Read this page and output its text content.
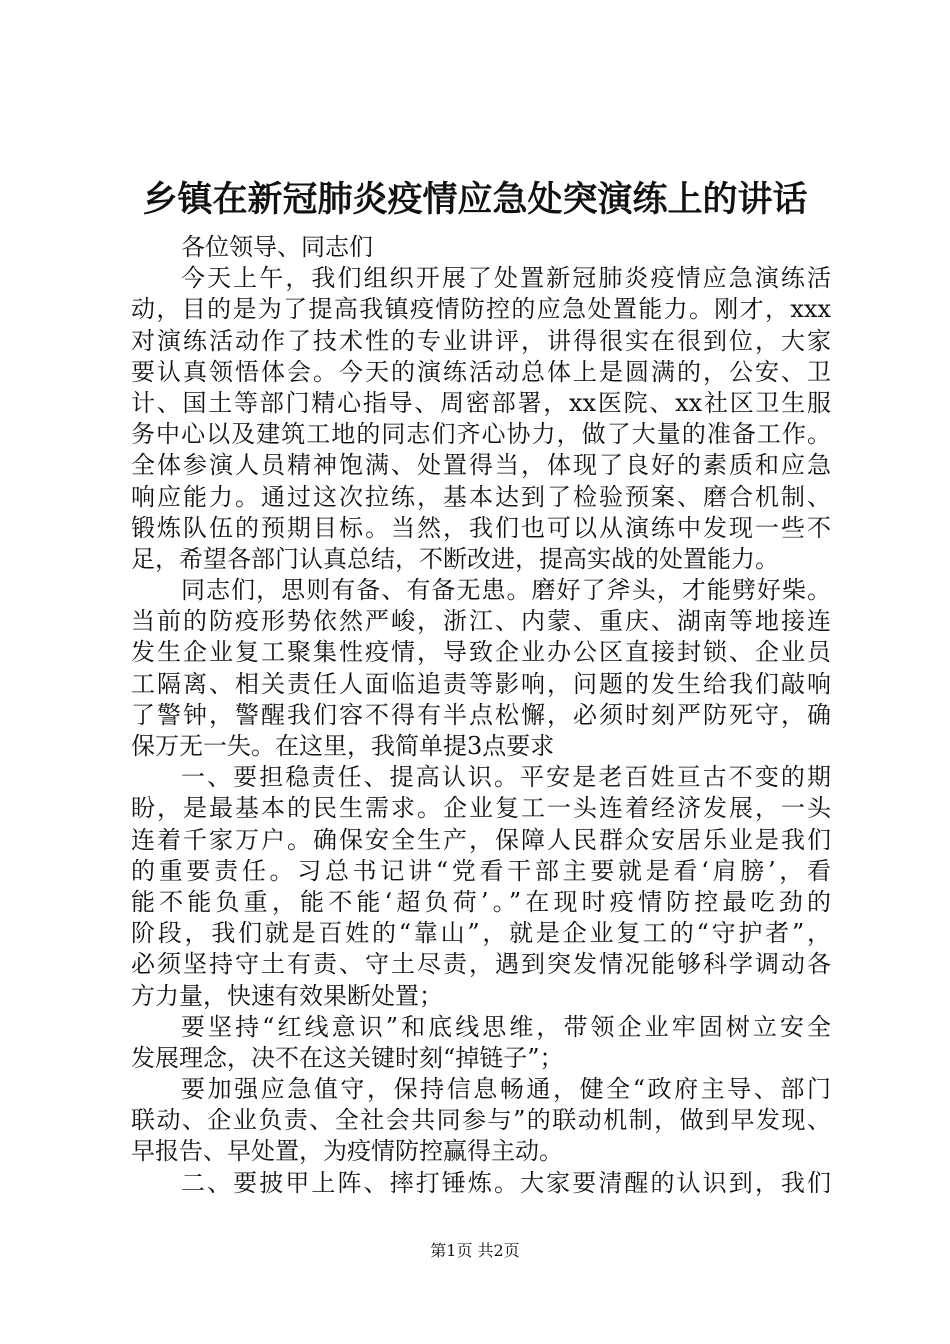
乡镇在新冠肺炎疫情应急处突演练上的讲话
各位领导、同志们
今天上午，我们组织开展了处置新冠肺炎疫情应急演练活
动，目的是为了提高我镇疫情防控的应急处置能力。刚才，xxx
对演练活动作了技术性的专业讲评，讲得很实在很到位，大家
要认真领悟体会。今天的演练活动总体上是圆满的，公安、卫
计、国土等部门精心指导、周密部署，xx医院、xx社区卫生服
务中心以及建筑工地的同志们齐心协力，做了大量的准备工作。
全体参演人员精神饱满、处置得当，体现了良好的素质和应急
响应能力。通过这次拉练，基本达到了检验预案、磨合机制、
锻炼队伍的预期目标。当然，我们也可以从演练中发现一些不
足，希望各部门认真总结，不断改进，提高实战的处置能力。
同志们，思则有备、有备无患。磨好了斧头，才能劈好柴。
当前的防疫形势依然严峻，浙江、内蒙、重庆、湖南等地接连
发生企业复工聚集性疫情，导致企业办公区直接封锁、企业员
工隔离、相关责任人面临追责等影响，问题的发生给我们敲响
了警钟，警醒我们容不得有半点松懈，必须时刻严防死守，确
保万无一失。在这里，我简单提3点要求
一、要担稳责任、提高认识。平安是老百姓亘古不变的期
盼，是最基本的民生需求。企业复工一头连着经济发展，一头
连着千家万户。确保安全生产，保障人民群众安居乐业是我们
的重要责任。习总书记讲“党看干部主要就是看‘肩膀’，看
能不能负重，能不能‘超负荷’。”在现时疫情防控最吃劲的
阶段，我们就是百姓的“靠山”，就是企业复工的“守护者”，
必须坚持守土有责、守土尽责，遇到突发情况能够科学调动各
方力量，快速有效果断处置；
要坚持“红线意识”和底线思维，带领企业牢固树立安全
发展理念，决不在这关键时刻“掉链子”；
要加强应急值守，保持信息畅通，健全“政府主导、部门
联动、企业负责、全社会共同参与”的联动机制，做到早发现、
早报告、早处置，为疫情防控赢得主动。
二、要披甲上阵、摔打锤炼。大家要清醒的认识到，我们
第1页 共2页
